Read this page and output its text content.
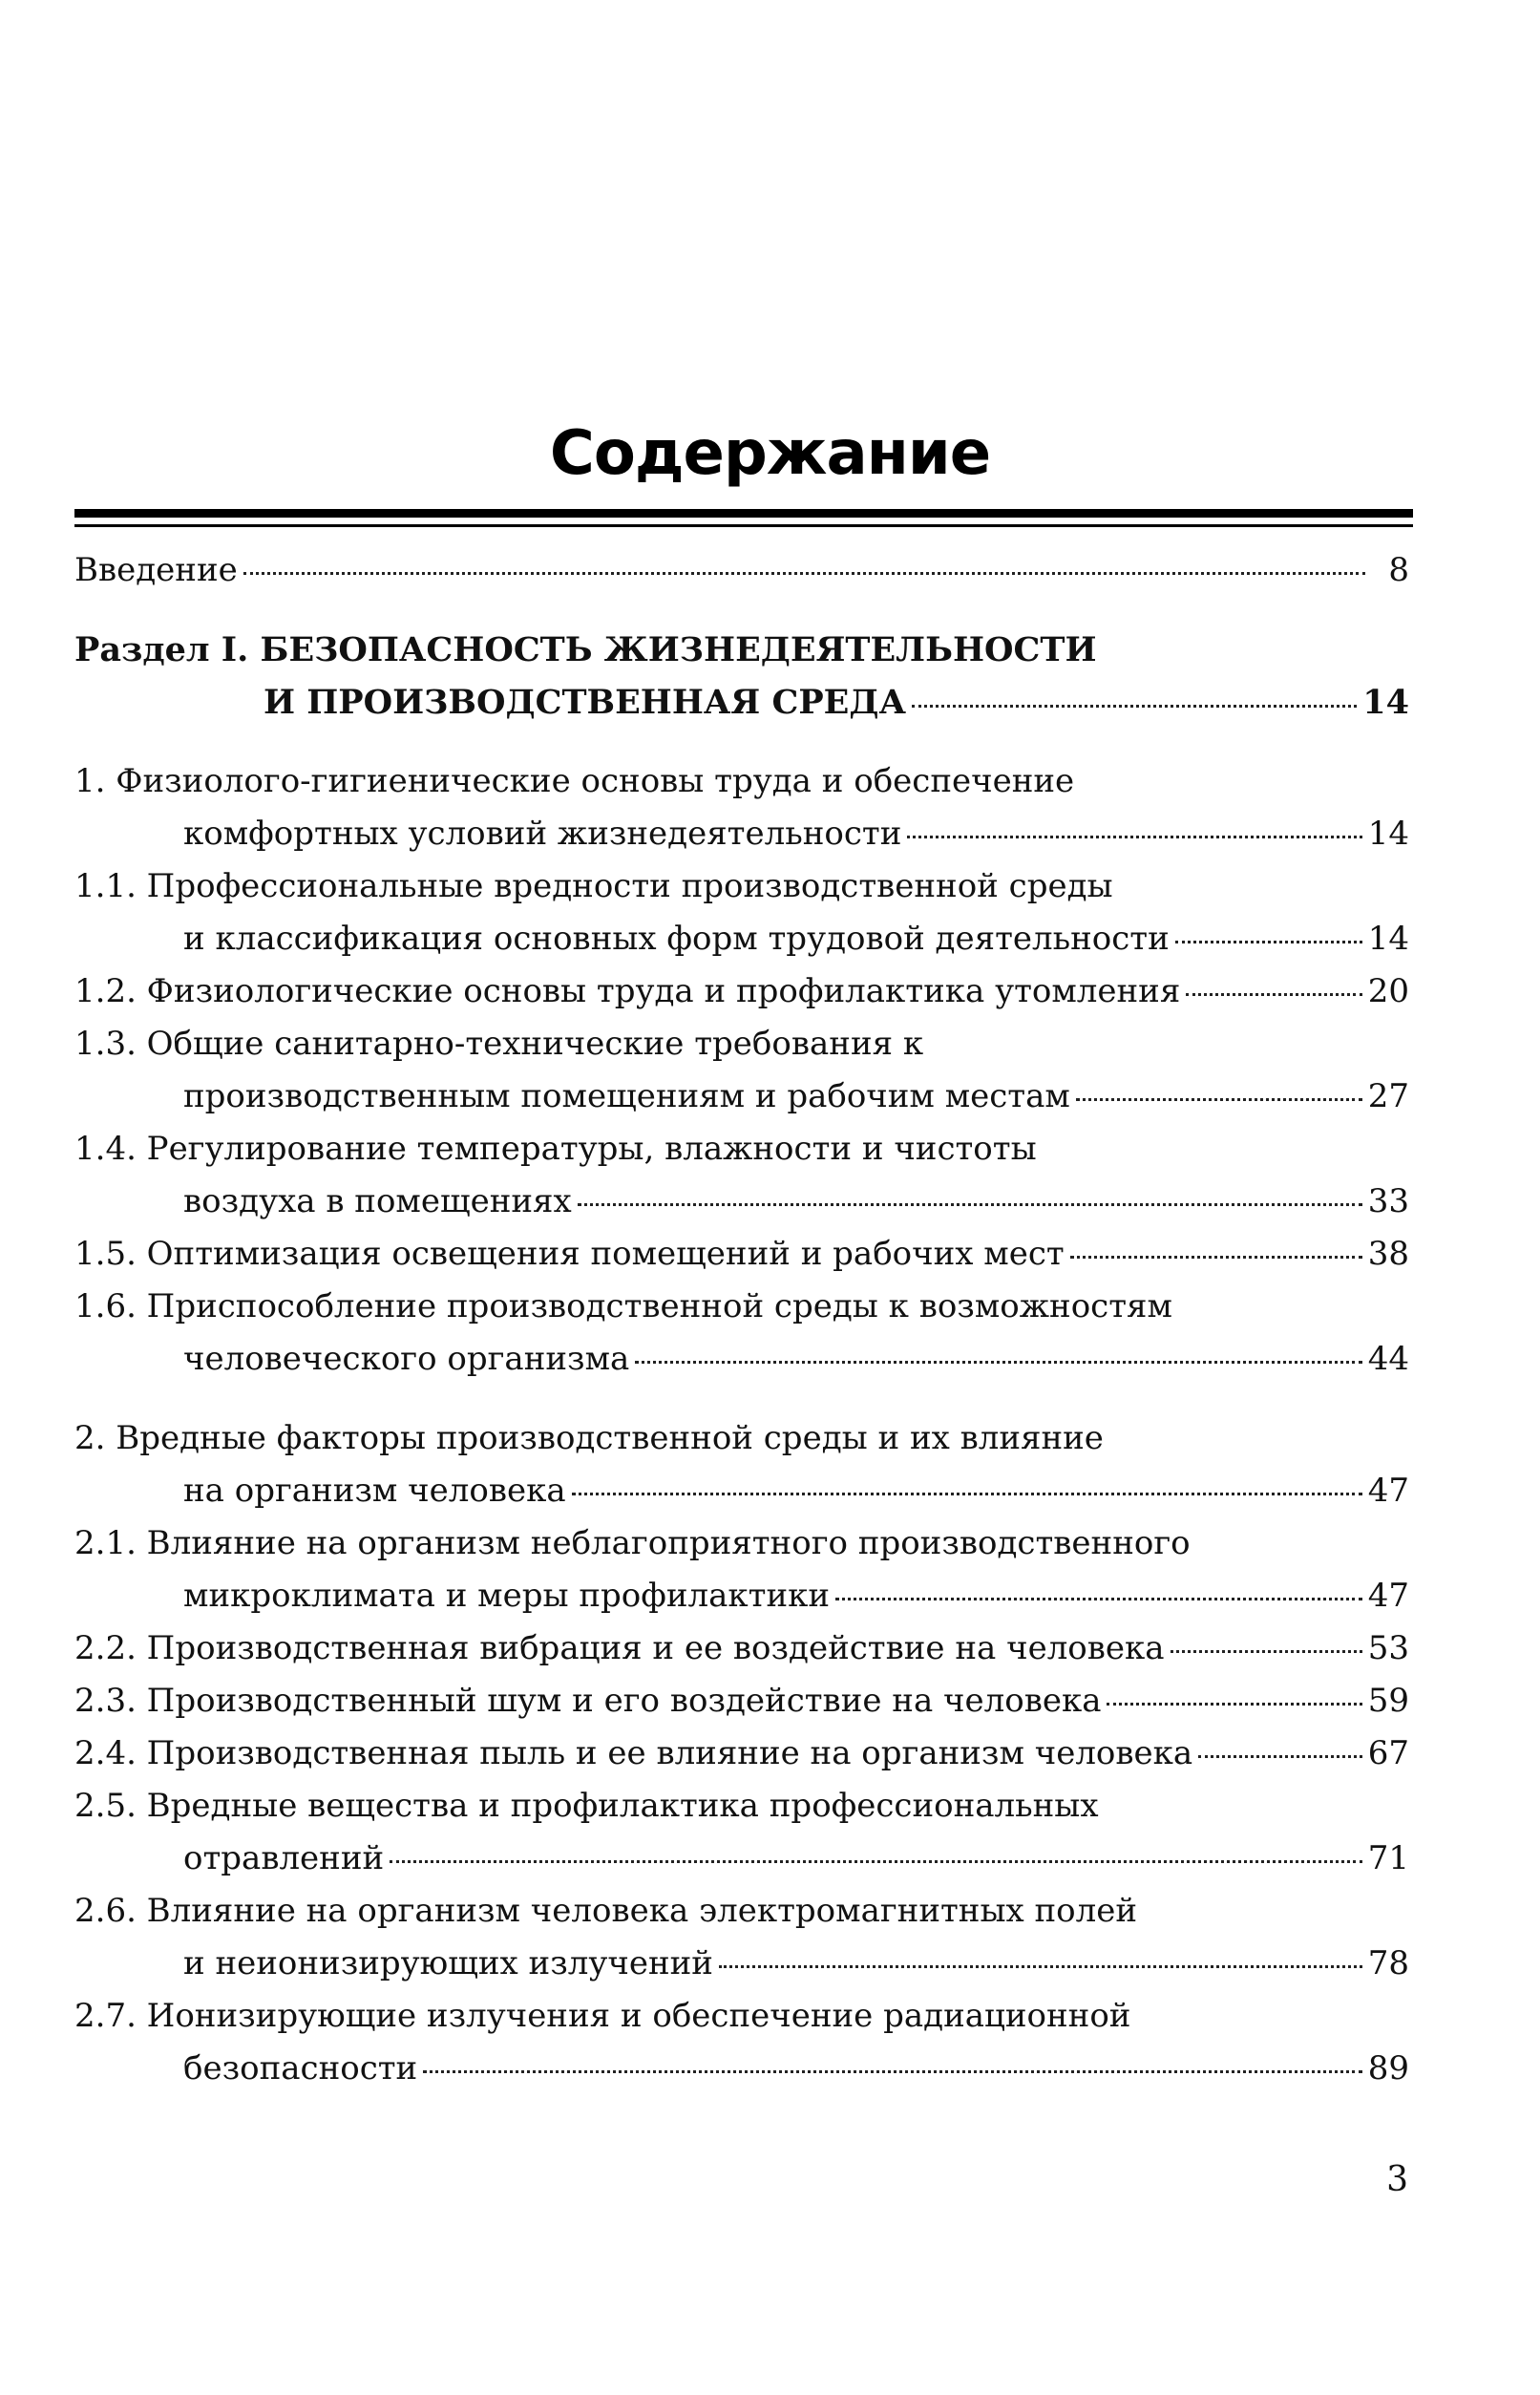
Содержание
Введение	8
Раздел I. БЕЗОПАСНОСТЬ ЖИЗНЕДЕЯТЕЛЬНОСТИ
И ПРОИЗВОДСТВЕННАЯ СРЕДА	14
1. Физиолого-гигиенические основы труда и обеспечение
комфортных условий жизнедеятельности	14
1.1. Профессиональные вредности производственной среды
и классификация основных форм трудовой деятельности	14
1.2. Физиологические основы труда и профилактика утомления	20
1.3. Общие санитарно-технические требования к
производственным помещениям и рабочим местам	27
1.4. Регулирование температуры, влажности и чистоты
воздуха в помещениях	33
1.5. Оптимизация освещения помещений и рабочих мест	38
1.6. Приспособление производственной среды к возможностям
человеческого организма	44
2. Вредные факторы производственной среды и их влияние
на организм человека	47
2.1. Влияние на организм неблагоприятного производственного
микроклимата и меры профилактики	47
2.2. Производственная вибрация и ее воздействие на человека	53
2.3. Производственный шум и его воздействие на человека	59
2.4. Производственная пыль и ее влияние на организм человека	67
2.5. Вредные вещества и профилактика профессиональных
отравлений	71
2.6. Влияние на организм человека электромагнитных полей
и неионизирующих излучений	78
2.7. Ионизирующие излучения и обеспечение радиационной
безопасности	89
3
